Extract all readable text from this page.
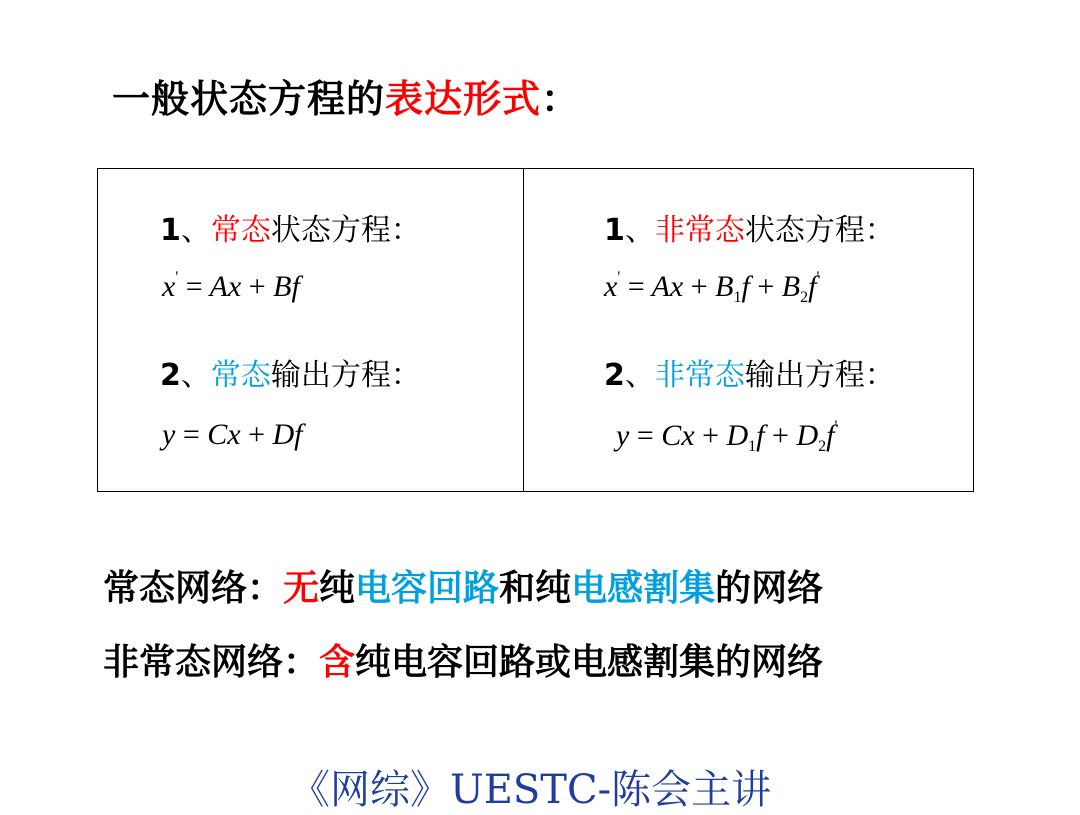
一般状态方程的表达形式：
1、常态状态方程：
x' = Ax + Bf
2、常态输出方程：
y = Cx + Df
1、非常态状态方程：
$x' = Ax + B_1f + B_2f'$
2、非常态输出方程：
$y = Cx + D_1f + D_2f'$
常态网络：无纯电容回路和纯电感割集的网络
非常态网络：含纯电容回路或电感割集的网络
《网综》UESTC-陈会主讲
